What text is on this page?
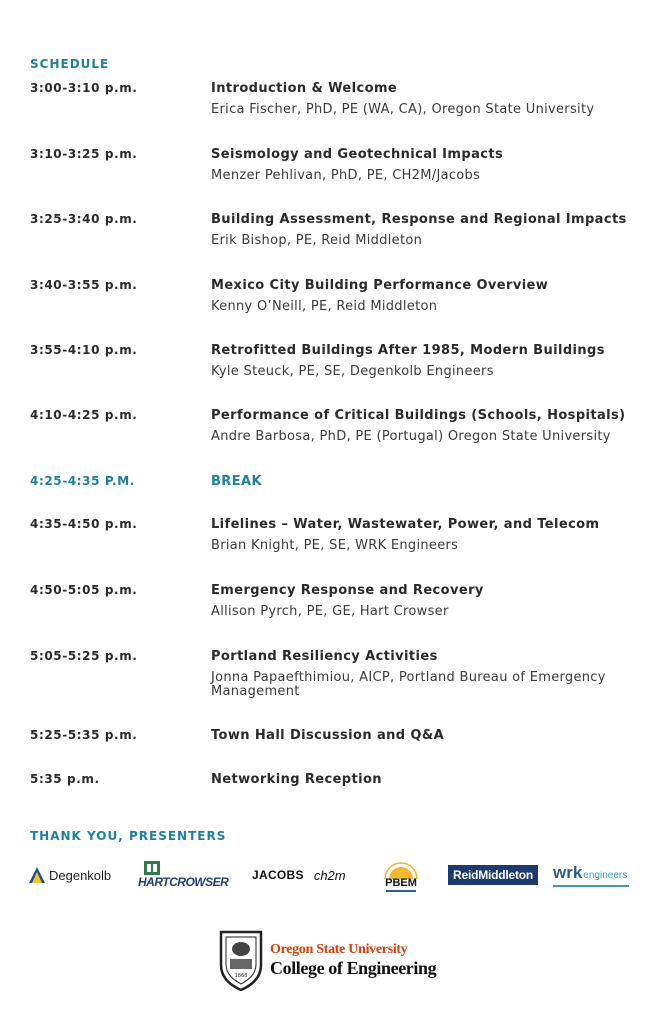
SCHEDULE
3:00-3:10 p.m.	Introduction & Welcome
Erica Fischer, PhD, PE (WA, CA), Oregon State University
3:10-3:25 p.m.	Seismology and Geotechnical Impacts
Menzer Pehlivan, PhD, PE, CH2M/Jacobs
3:25-3:40 p.m.	Building Assessment, Response and Regional Impacts
Erik Bishop, PE, Reid Middleton
3:40-3:55 p.m.	Mexico City Building Performance Overview
Kenny O’Neill, PE, Reid Middleton
3:55-4:10 p.m.	Retrofitted Buildings After 1985, Modern Buildings
Kyle Steuck, PE, SE, Degenkolb Engineers
4:10-4:25 p.m.	Performance of Critical Buildings (Schools, Hospitals)
Andre Barbosa, PhD, PE (Portugal) Oregon State University
4:25-4:35 P.M.	BREAK
4:35-4:50 p.m.	Lifelines – Water, Wastewater, Power, and Telecom
Brian Knight, PE, SE, WRK Engineers
4:50-5:05 p.m.	Emergency Response and Recovery
Allison Pyrch, PE, GE, Hart Crowser
5:05-5:25 p.m.	Portland Resiliency Activities
Jonna Papaefthimiou, AICP, Portland Bureau of Emergency Management
5:25-5:35 p.m.	Town Hall Discussion and Q&A
5:35 p.m.	Networking Reception
THANK YOU, PRESENTERS
Degenkolb HARTCROWSER JACOBS ch2m	PBEM
ReidMiddleton wrk engineers
1868
Oregon State University
College of Engineering
